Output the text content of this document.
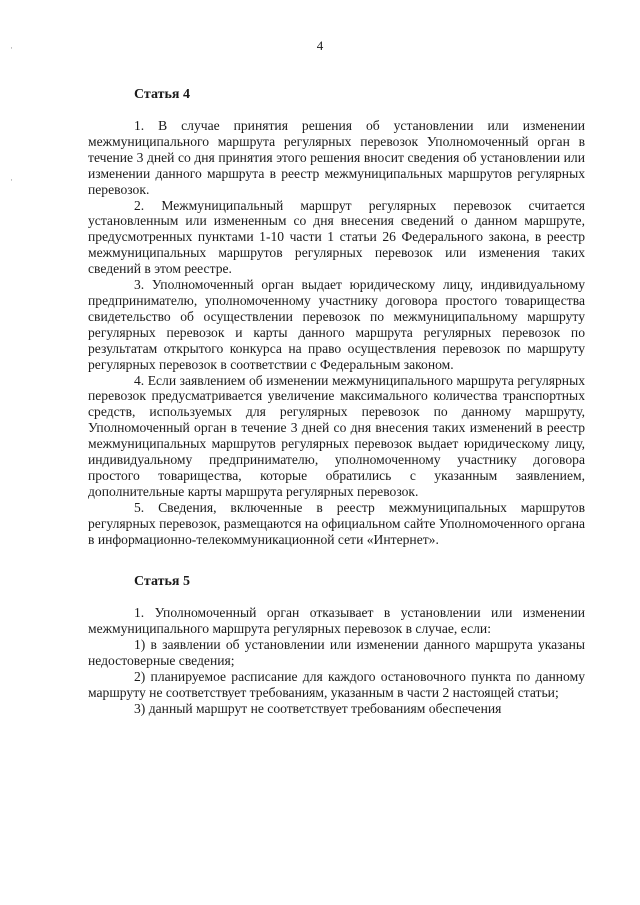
·
·
4
Статья 4

1. В случае принятия решения об установлении или изменении межмуниципального маршрута регулярных перевозок Уполномоченный орган в течение 3 дней со дня принятия этого решения вносит сведения об установлении или изменении данного маршрута в реестр межмуниципальных маршрутов регулярных перевозок.

2. Межмуниципальный маршрут регулярных перевозок считается установленным или измененным со дня внесения сведений о данном маршруте, предусмотренных пунктами 1-10 части 1 статьи 26 Федерального закона, в реестр межмуниципальных маршрутов регулярных перевозок или изменения таких сведений в этом реестре.

3. Уполномоченный орган выдает юридическому лицу, индивидуальному предпринимателю, уполномоченному участнику договора простого товарищества свидетельство об осуществлении перевозок по межмуниципальному маршруту регулярных перевозок и карты данного маршрута регулярных перевозок по результатам открытого конкурса на право осуществления перевозок по маршруту регулярных перевозок в соответствии с Федеральным законом.

4. Если заявлением об изменении межмуниципального маршрута регулярных перевозок предусматривается увеличение максимального количества транспортных средств, используемых для регулярных перевозок по данному маршруту, Уполномоченный орган в течение 3 дней со дня внесения таких изменений в реестр межмуниципальных маршрутов регулярных перевозок выдает юридическому лицу, индивидуальному предпринимателю, уполномоченному участнику договора простого товарищества, которые обратились с указанным заявлением, дополнительные карты маршрута регулярных перевозок.

5. Сведения, включенные в реестр межмуниципальных маршрутов регулярных перевозок, размещаются на официальном сайте Уполномоченного органа в информационно-телекоммуникационной сети «Интернет».

Статья 5

1. Уполномоченный орган отказывает в установлении или изменении межмуниципального маршрута регулярных перевозок в случае, если:

1) в заявлении об установлении или изменении данного маршрута указаны недостоверные сведения;

2) планируемое расписание для каждого остановочного пункта по данному маршруту не соответствует требованиям, указанным в части 2 настоящей статьи;

3) данный маршрут не соответствует требованиям обеспечения
